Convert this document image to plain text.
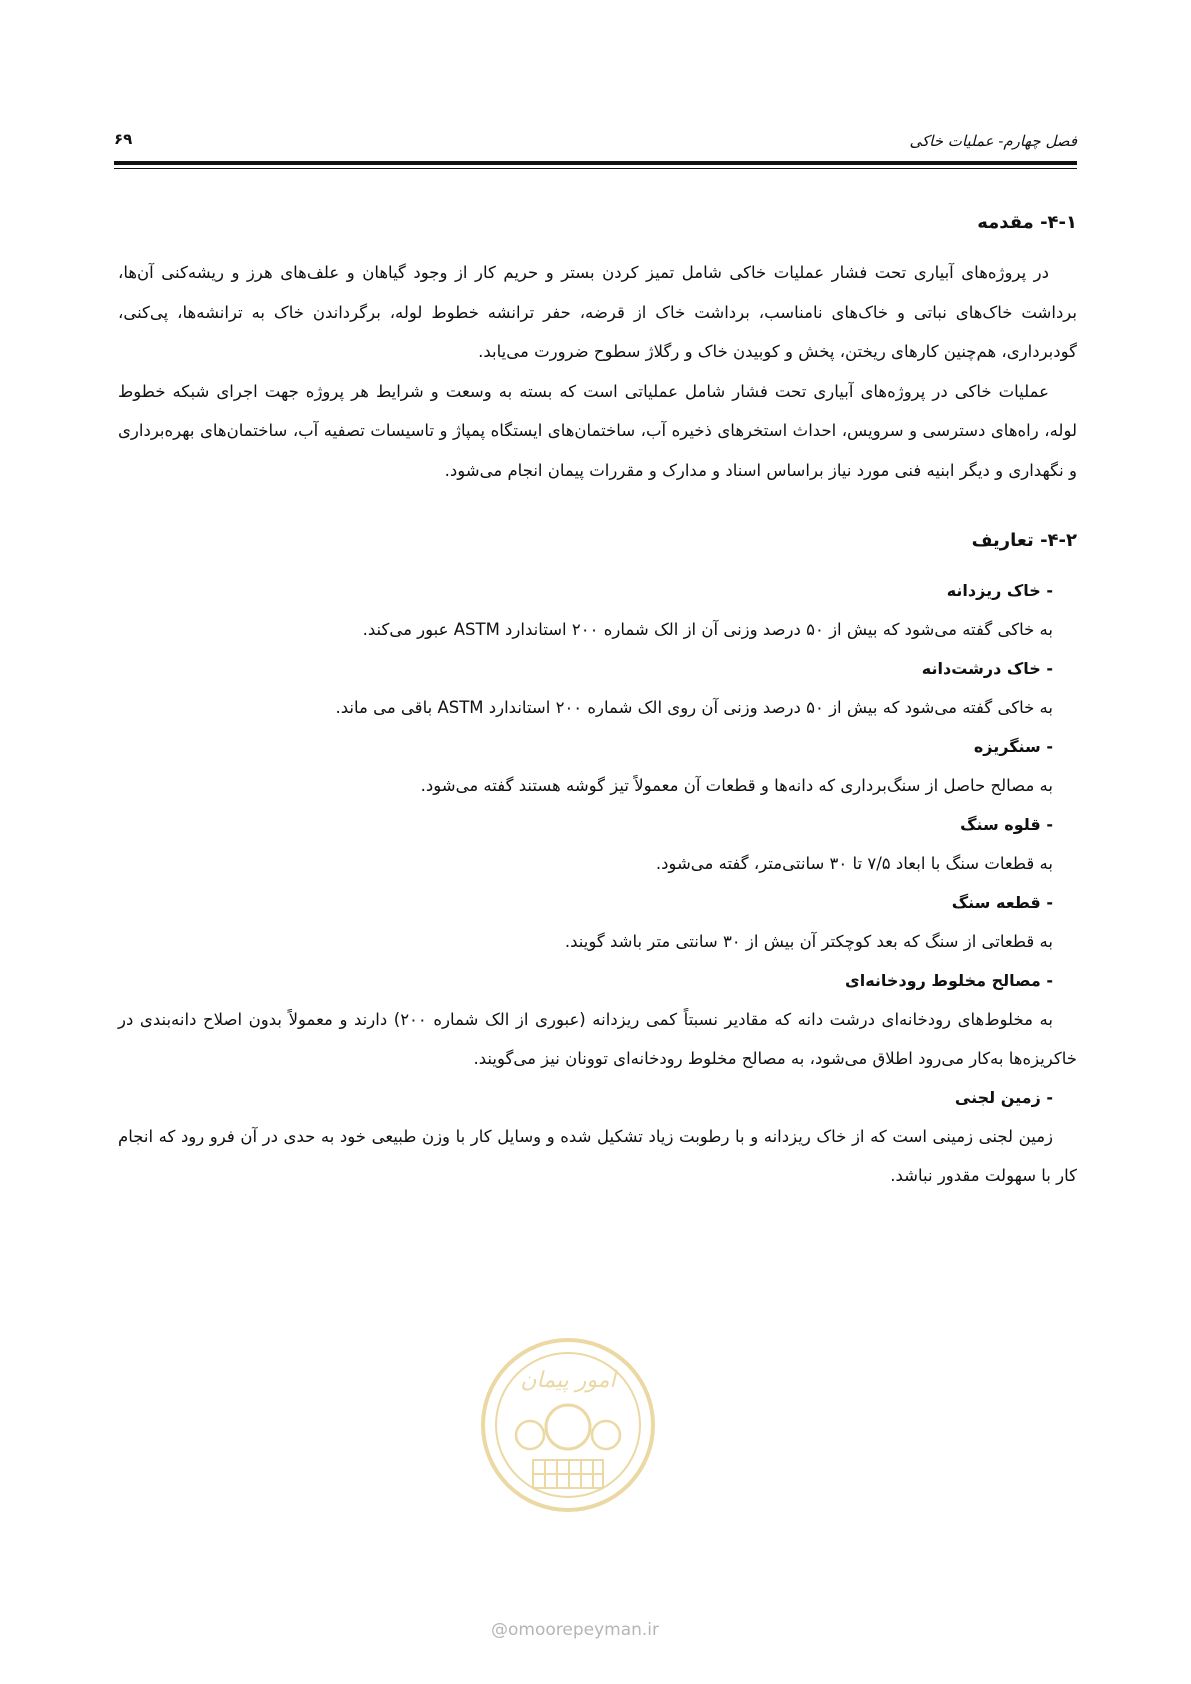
فصل چهارم- عملیات خاکی
۶۹
۴-۱- مقدمه

در پروژه‌های آبیاری تحت فشار عملیات خاکی شامل تمیز کردن بستر و حریم کار از وجود گیاهان و علف‌های هرز و ریشه‌کنی آن‌ها، برداشت خاک‌های نباتی و خاک‌های نامناسب، برداشت خاک از قرضه، حفر ترانشه خطوط لوله، برگرداندن خاک به ترانشه‌ها، پی‌کنی، گودبرداری، هم‌چنین کارهای ریختن، پخش و کوبیدن خاک و رگلاژ سطوح ضرورت می‌یابد.

عملیات خاکی در پروژه‌های آبیاری تحت فشار شامل عملیاتی است که بسته به وسعت و شرایط هر پروژه جهت اجرای شبکه خطوط لوله، راه‌های دسترسی و سرویس، احداث استخرهای ذخیره آب، ساختمان‌های ایستگاه پمپاژ و تاسیسات تصفیه آب، ساختمان‌های بهره‌برداری و نگهداری و دیگر ابنیه فنی مورد نیاز براساس اسناد و مدارک و مقررات پیمان انجام می‌شود.

۴-۲- تعاریف
- خاک ریزدانه
به خاکی گفته می‌شود که بیش از ۵۰ درصد وزنی آن از الک شماره ۲۰۰ استاندارد ASTM عبور می‌کند.
- خاک درشت‌دانه
به خاکی گفته می‌شود که بیش از ۵۰ درصد وزنی آن روی الک شماره ۲۰۰ استاندارد ASTM باقی می ماند.
- سنگریزه
به مصالح حاصل از سنگ‌برداری که دانه‌ها و قطعات آن معمولاً تیز گوشه هستند گفته می‌شود.
- قلوه سنگ
به قطعات سنگ با ابعاد ۷/۵ تا ۳۰ سانتی‌متر، گفته می‌شود.
- قطعه سنگ
به قطعاتی از سنگ که بعد کوچکتر آن بیش از ۳۰ سانتی متر باشد گویند.
- مصالح مخلوط رودخانه‌ای
به مخلوط‌های رودخانه‌ای درشت دانه که مقادیر نسبتاً کمی ریزدانه (عبوری از الک شماره ۲۰۰) دارند و معمولاً بدون اصلاح دانه‌بندی در خاکریزه‌ها به‌کار می‌رود اطلاق می‌شود، به مصالح مخلوط رودخانه‌ای توونان نیز می‌گویند.
- زمین لجنی
زمین لجنی زمینی است که از خاک ریزدانه و با رطوبت زیاد تشکیل شده و وسایل کار با وزن طبیعی خود به حدی در آن فرو رود که انجام کار با سهولت مقدور نباشد.
امور پیمان
@omoorepeyman.ir
